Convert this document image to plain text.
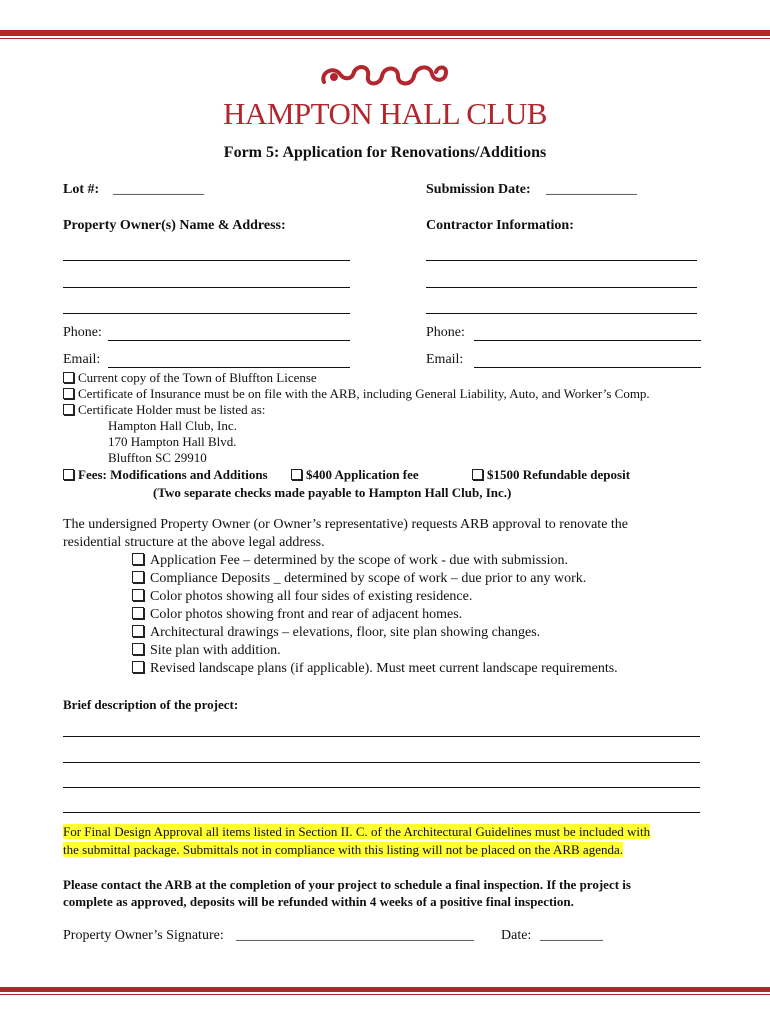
HAMPTON HALL CLUB
Form 5: Application for Renovations/Additions
Lot #: _____________	Submission Date: _____________
Property Owner(s) Name & Address:	Contractor Information:
Phone:	Phone:
Email:	Email:
Current copy of the Town of Bluffton License
Certificate of Insurance must be on file with the ARB, including General Liability, Auto, and Worker’s Comp.
Certificate Holder must be listed as:
Hampton Hall Club, Inc.
170 Hampton Hall Blvd.
Bluffton SC 29910
Fees: Modifications and Additions	$400 Application fee	$1500 Refundable deposit
(Two separate checks made payable to Hampton Hall Club, Inc.)
The undersigned Property Owner (or Owner’s representative) requests ARB approval to renovate the
residential structure at the above legal address.
Application Fee – determined by the scope of work - due with submission.
Compliance Deposits _ determined by scope of work – due prior to any work.
Color photos showing all four sides of existing residence.
Color photos showing front and rear of adjacent homes.
Architectural drawings – elevations, floor, site plan showing changes.
Site plan with addition.
Revised landscape plans (if applicable). Must meet current landscape requirements.
Brief description of the project:
For Final Design Approval all items listed in Section II. C. of the Architectural Guidelines must be included with
the submittal package. Submittals not in compliance with this listing will not be placed on the ARB agenda.
Please contact the ARB at the completion of your project to schedule a final inspection. If the project is
complete as approved, deposits will be refunded within 4 weeks of a positive final inspection.
Property Owner’s Signature: __________________________________ Date: _________
